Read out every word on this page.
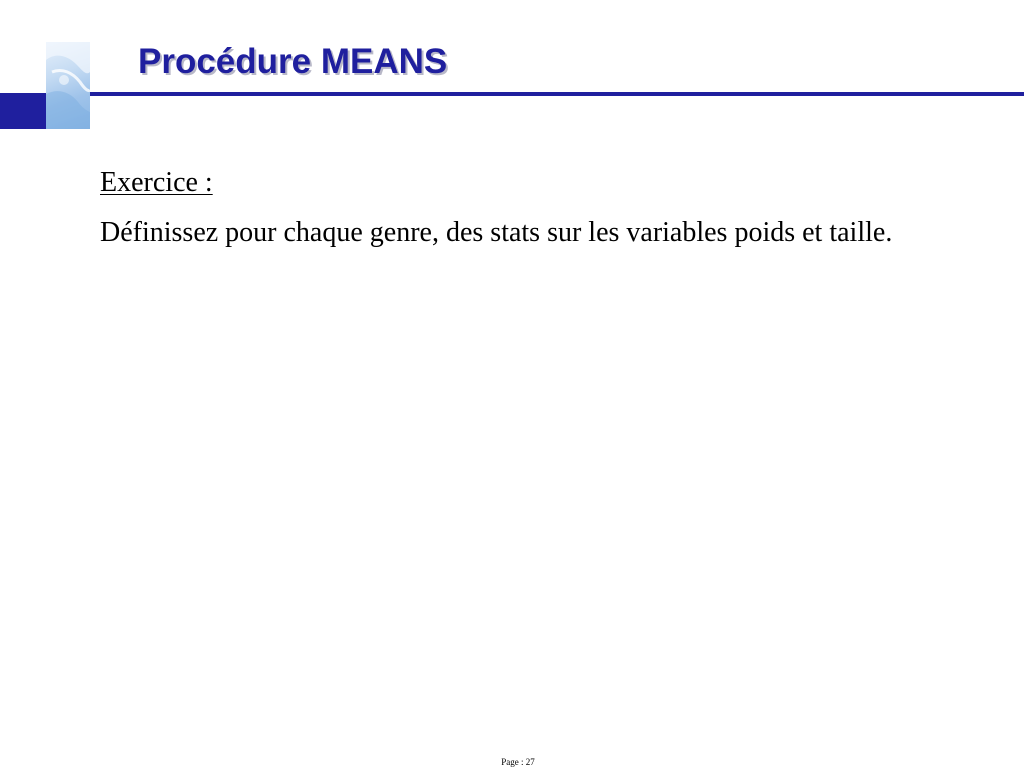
Procédure MEANS

Exercice :

Définissez pour chaque genre, des stats sur les variables poids et taille.

Page : 27
